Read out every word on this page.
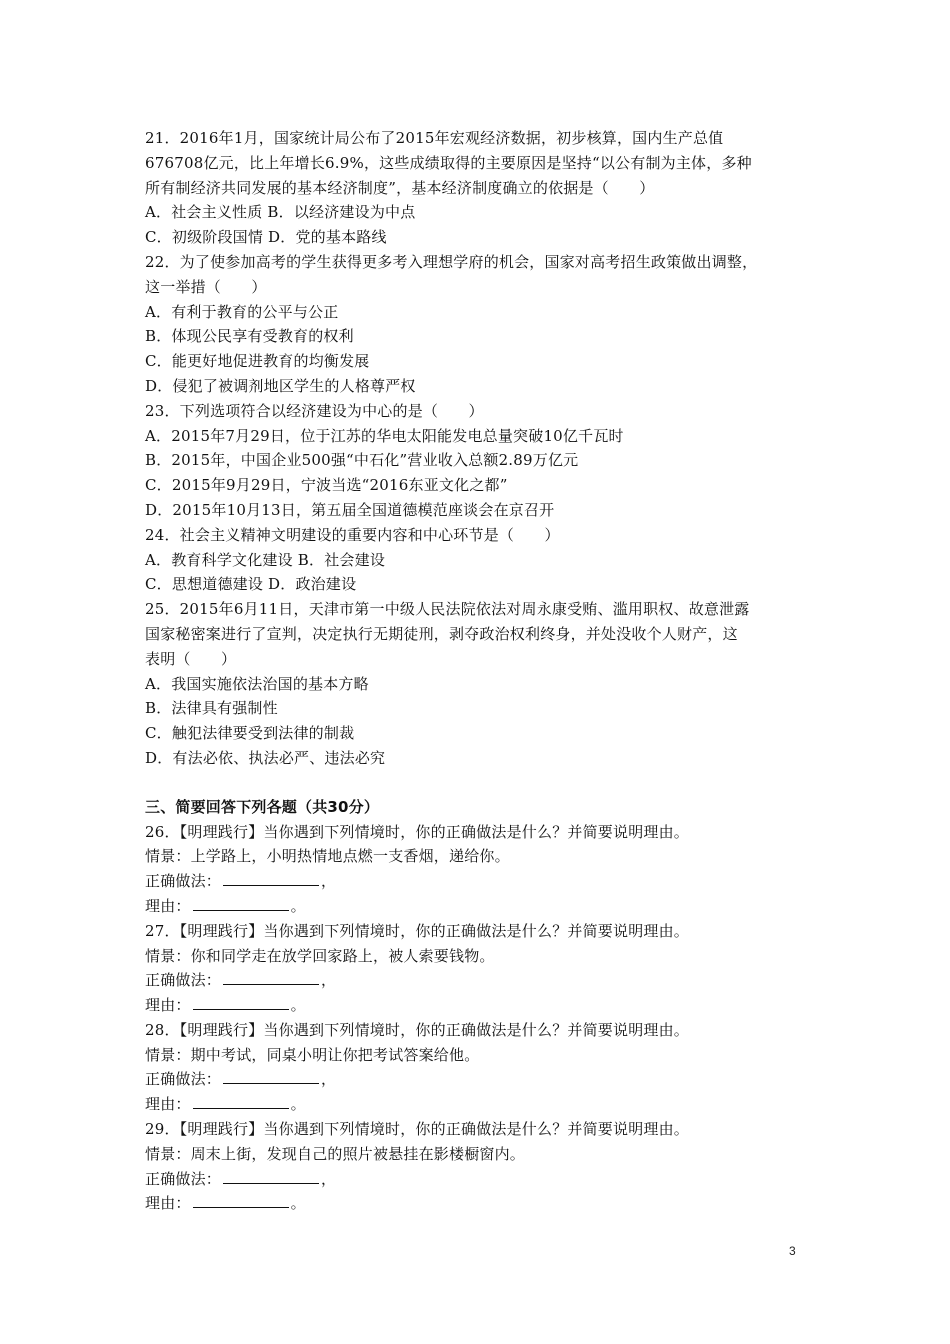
21．2016年1月，国家统计局公布了2015年宏观经济数据，初步核算，国内生产总值
676708亿元，比上年增长6.9%，这些成绩取得的主要原因是坚持“以公有制为主体，多种
所有制经济共同发展的基本经济制度”，基本经济制度确立的依据是（　　）
A．社会主义性质 B．以经济建设为中点
C．初级阶段国情 D．党的基本路线
22．为了使参加高考的学生获得更多考入理想学府的机会，国家对高考招生政策做出调整，
这一举措（　　）
A．有利于教育的公平与公正
B．体现公民享有受教育的权利
C．能更好地促进教育的均衡发展
D．侵犯了被调剂地区学生的人格尊严权
23．下列选项符合以经济建设为中心的是（　　）
A．2015年7月29日，位于江苏的华电太阳能发电总量突破10亿千瓦时
B．2015年，中国企业500强“中石化”营业收入总额2.89万亿元
C．2015年9月29日，宁波当选“2016东亚文化之都”
D．2015年10月13日，第五届全国道德模范座谈会在京召开
24．社会主义精神文明建设的重要内容和中心环节是（　　）
A．教育科学文化建设 B．社会建设
C．思想道德建设 D．政治建设
25．2015年6月11日，天津市第一中级人民法院依法对周永康受贿、滥用职权、故意泄露
国家秘密案进行了宣判，决定执行无期徒刑，剥夺政治权利终身，并处没收个人财产，这
表明（　　）
A．我国实施依法治国的基本方略
B．法律具有强制性
C．触犯法律要受到法律的制裁
D．有法必依、执法必严、违法必究
三、简要回答下列各题（共30分）
26．【明理践行】当你遇到下列情境时，你的正确做法是什么？并简要说明理由。
情景：上学路上，小明热情地点燃一支香烟，递给你。
正确做法：	，
理由：	。
27．【明理践行】当你遇到下列情境时，你的正确做法是什么？并简要说明理由。
情景：你和同学走在放学回家路上，被人索要钱物。
正确做法：	，
理由：	。
28．【明理践行】当你遇到下列情境时，你的正确做法是什么？并简要说明理由。
情景：期中考试，同桌小明让你把考试答案给他。
正确做法：	，
理由：	。
29．【明理践行】当你遇到下列情境时，你的正确做法是什么？并简要说明理由。
情景：周末上街，发现自己的照片被悬挂在影楼橱窗内。
正确做法：	，
理由：	。
3
